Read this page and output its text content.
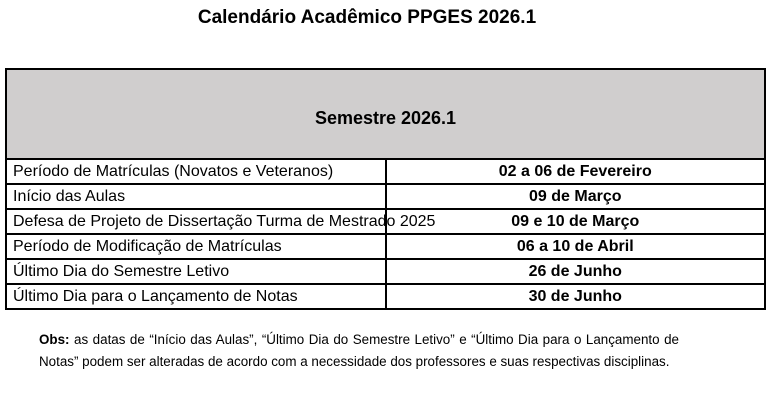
Calendário Acadêmico PPGES 2026.1
Semestre 2026.1	
Período de Matrículas (Novatos e Veteranos)	02 a 06 de Fevereiro
Início das Aulas	09 de Março
Defesa de Projeto de Dissertação Turma de Mestrado 2025	09 e 10 de Março
Período de Modificação de Matrículas	06 a 10 de Abril
Último Dia do Semestre Letivo	26 de Junho
Último Dia para o Lançamento de Notas	30 de Junho
Obs: as datas de “Início das Aulas”, “Último Dia do Semestre Letivo” e “Último Dia para o Lançamento de Notas” podem ser alteradas de acordo com a necessidade dos professores e suas respectivas disciplinas.
